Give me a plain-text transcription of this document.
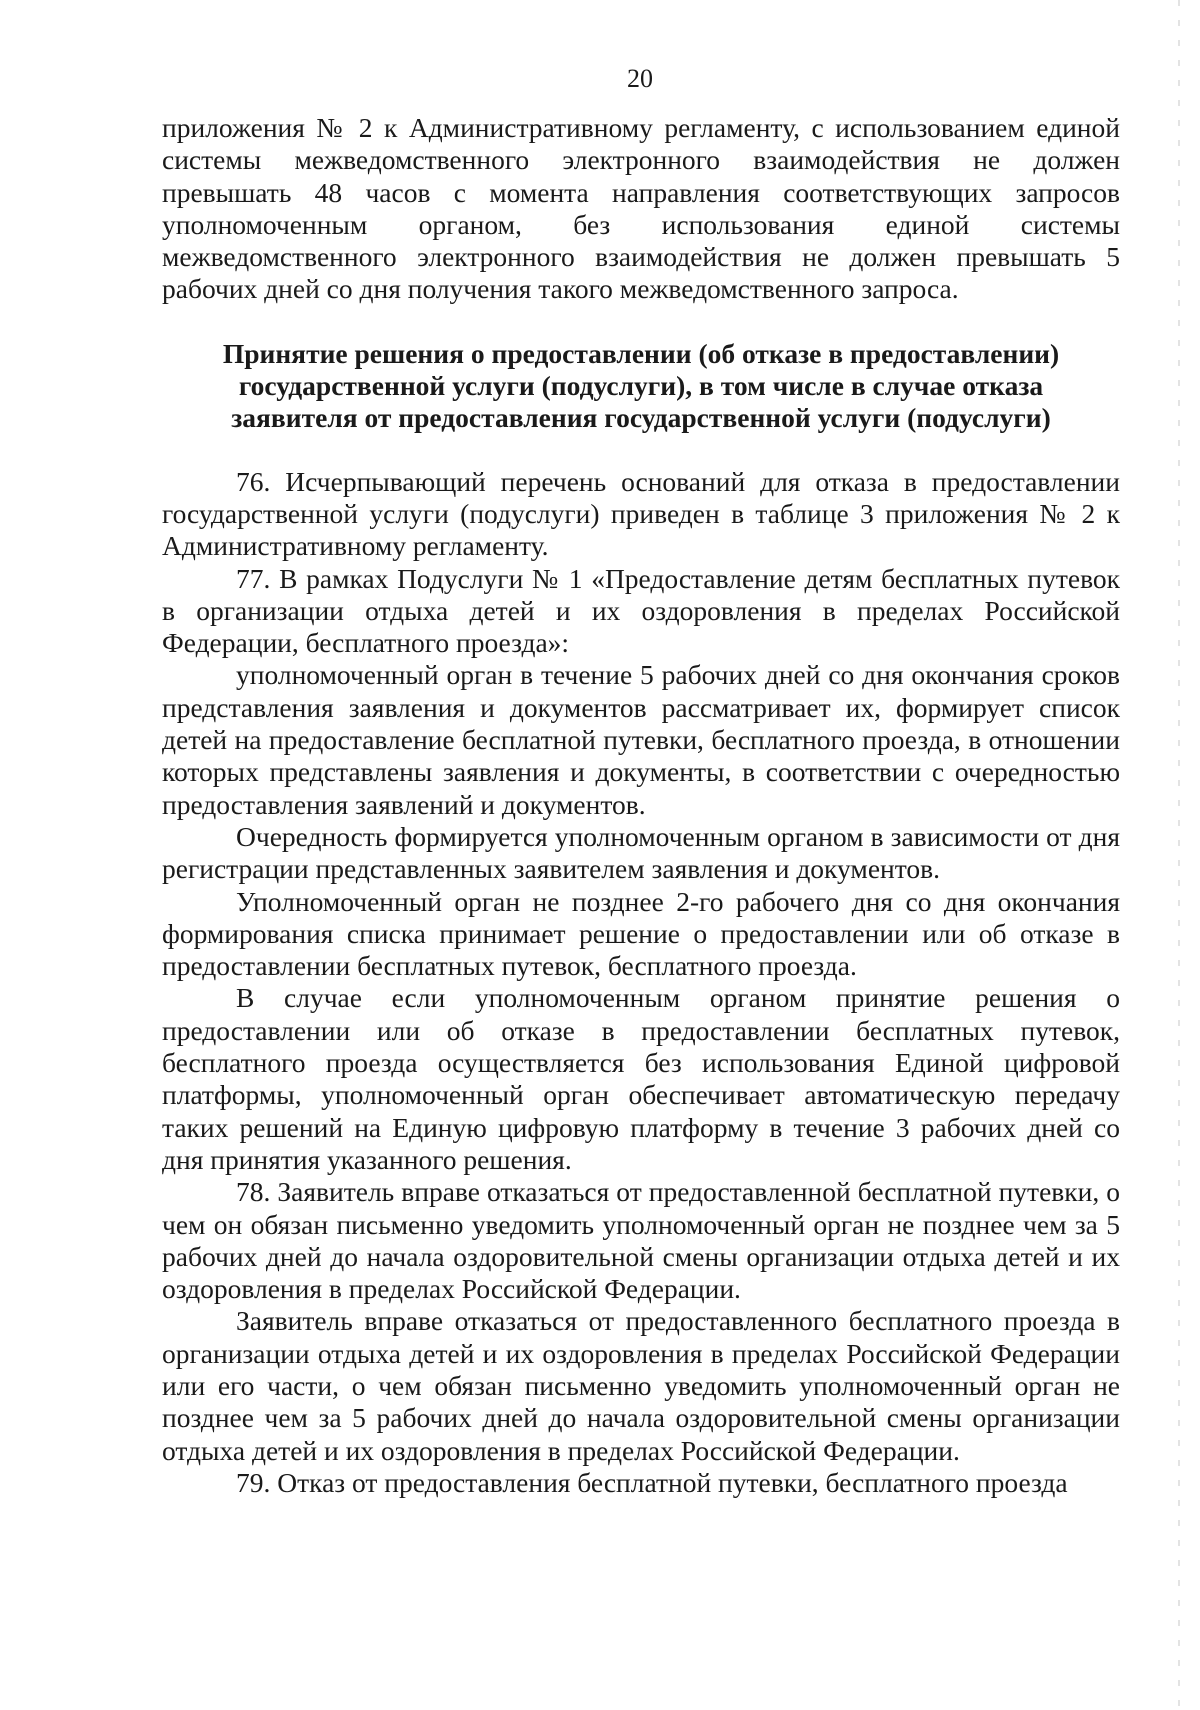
20

приложения № 2 к Административному регламенту, с использованием единой системы межведомственного электронного взаимодействия не должен превышать 48 часов с момента направления соответствующих запросов уполномоченным органом, без использования единой системы межведомственного электронного взаимодействия не должен превышать 5 рабочих дней со дня получения такого межведомственного запроса.

Принятие решения о предоставлении (об отказе в предоставлении)
государственной услуги (подуслуги), в том числе в случае отказа
заявителя от предоставления государственной услуги (подуслуги)

76. Исчерпывающий перечень оснований для отказа в предоставлении государственной услуги (подуслуги) приведен в таблице 3 приложения № 2 к Административному регламенту.

77. В рамках Подуслуги № 1 «Предоставление детям бесплатных путевок в организации отдыха детей и их оздоровления в пределах Российской Федерации, бесплатного проезда»:

уполномоченный орган в течение 5 рабочих дней со дня окончания сроков представления заявления и документов рассматривает их, формирует список детей на предоставление бесплатной путевки, бесплатного проезда, в отношении которых представлены заявления и документы, в соответствии с очередностью предоставления заявлений и документов.

Очередность формируется уполномоченным органом в зависимости от дня регистрации представленных заявителем заявления и документов.

Уполномоченный орган не позднее 2-го рабочего дня со дня окончания формирования списка принимает решение о предоставлении или об отказе в предоставлении бесплатных путевок, бесплатного проезда.

В случае если уполномоченным органом принятие решения о предоставлении или об отказе в предоставлении бесплатных путевок, бесплатного проезда осуществляется без использования Единой цифровой платформы, уполномоченный орган обеспечивает автоматическую передачу таких решений на Единую цифровую платформу в течение 3 рабочих дней со дня принятия указанного решения.

78. Заявитель вправе отказаться от предоставленной бесплатной путевки, о чем он обязан письменно уведомить уполномоченный орган не позднее чем за 5 рабочих дней до начала оздоровительной смены организации отдыха детей и их оздоровления в пределах Российской Федерации.

Заявитель вправе отказаться от предоставленного бесплатного проезда в организации отдыха детей и их оздоровления в пределах Российской Федерации или его части, о чем обязан письменно уведомить уполномоченный орган не позднее чем за 5 рабочих дней до начала оздоровительной смены организации отдыха детей и их оздоровления в пределах Российской Федерации.

79. Отказ от предоставления бесплатной путевки, бесплатного проезда
